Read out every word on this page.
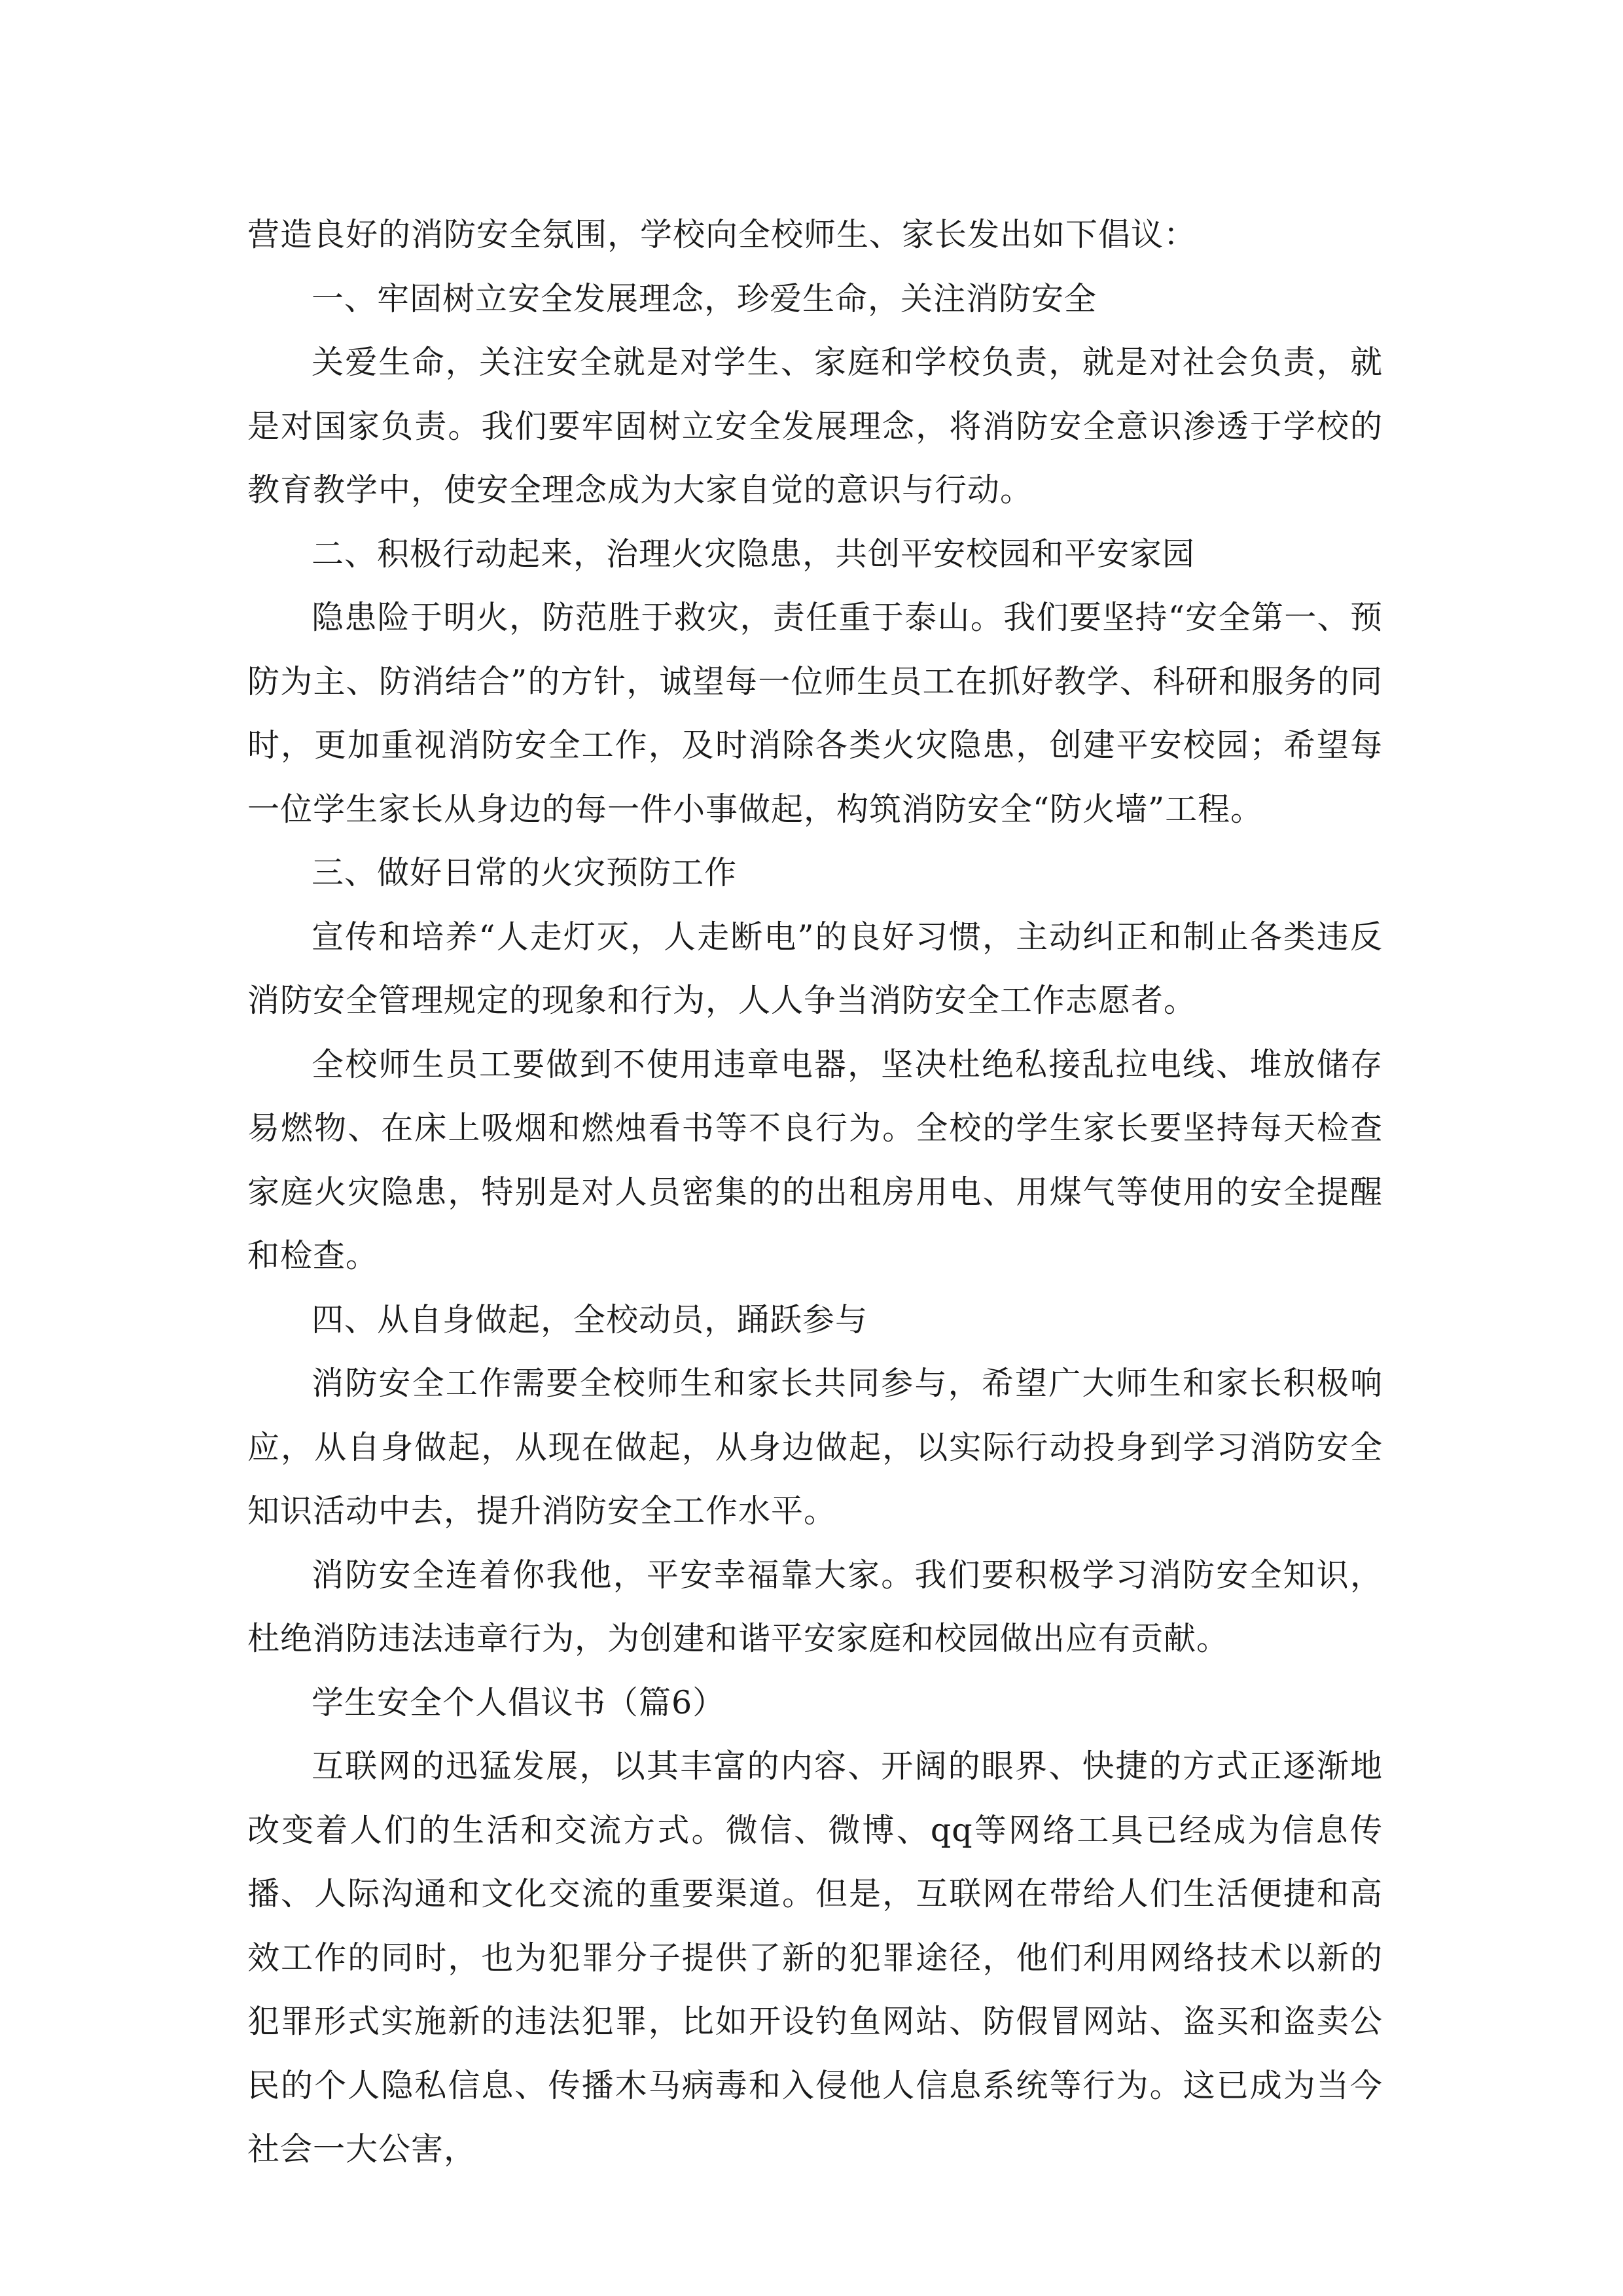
营造良好的消防安全氛围，学校向全校师生、家长发出如下倡议：

一、牢固树立安全发展理念，珍爱生命，关注消防安全

关爱生命，关注安全就是对学生、家庭和学校负责，就是对社会负责，就是对国家负责。我们要牢固树立安全发展理念，将消防安全意识渗透于学校的教育教学中，使安全理念成为大家自觉的意识与行动。

二、积极行动起来，治理火灾隐患，共创平安校园和平安家园

隐患险于明火，防范胜于救灾，责任重于泰山。我们要坚持“安全第一、预防为主、防消结合”的方针，诚望每一位师生员工在抓好教学、科研和服务的同时，更加重视消防安全工作，及时消除各类火灾隐患，创建平安校园；希望每一位学生家长从身边的每一件小事做起，构筑消防安全“防火墙”工程。

三、做好日常的火灾预防工作

宣传和培养“人走灯灭，人走断电”的良好习惯，主动纠正和制止各类违反消防安全管理规定的现象和行为，人人争当消防安全工作志愿者。

全校师生员工要做到不使用违章电器，坚决杜绝私接乱拉电线、堆放储存易燃物、在床上吸烟和燃烛看书等不良行为。全校的学生家长要坚持每天检查家庭火灾隐患，特别是对人员密集的的出租房用电、用煤气等使用的安全提醒和检查。

四、从自身做起，全校动员，踊跃参与

消防安全工作需要全校师生和家长共同参与，希望广大师生和家长积极响应，从自身做起，从现在做起，从身边做起，以实际行动投身到学习消防安全知识活动中去，提升消防安全工作水平。

消防安全连着你我他，平安幸福靠大家。我们要积极学习消防安全知识，杜绝消防违法违章行为，为创建和谐平安家庭和校园做出应有贡献。

学生安全个人倡议书（篇6）

互联网的迅猛发展，以其丰富的内容、开阔的眼界、快捷的方式正逐渐地改变着人们的生活和交流方式。微信、微博、qq等网络工具已经成为信息传播、人际沟通和文化交流的重要渠道。但是，互联网在带给人们生活便捷和高效工作的同时，也为犯罪分子提供了新的犯罪途径，他们利用网络技术以新的犯罪形式实施新的违法犯罪，比如开设钓鱼网站、防假冒网站、盗买和盗卖公民的个人隐私信息、传播木马病毒和入侵他人信息系统等行为。这已成为当今社会一大公害，
